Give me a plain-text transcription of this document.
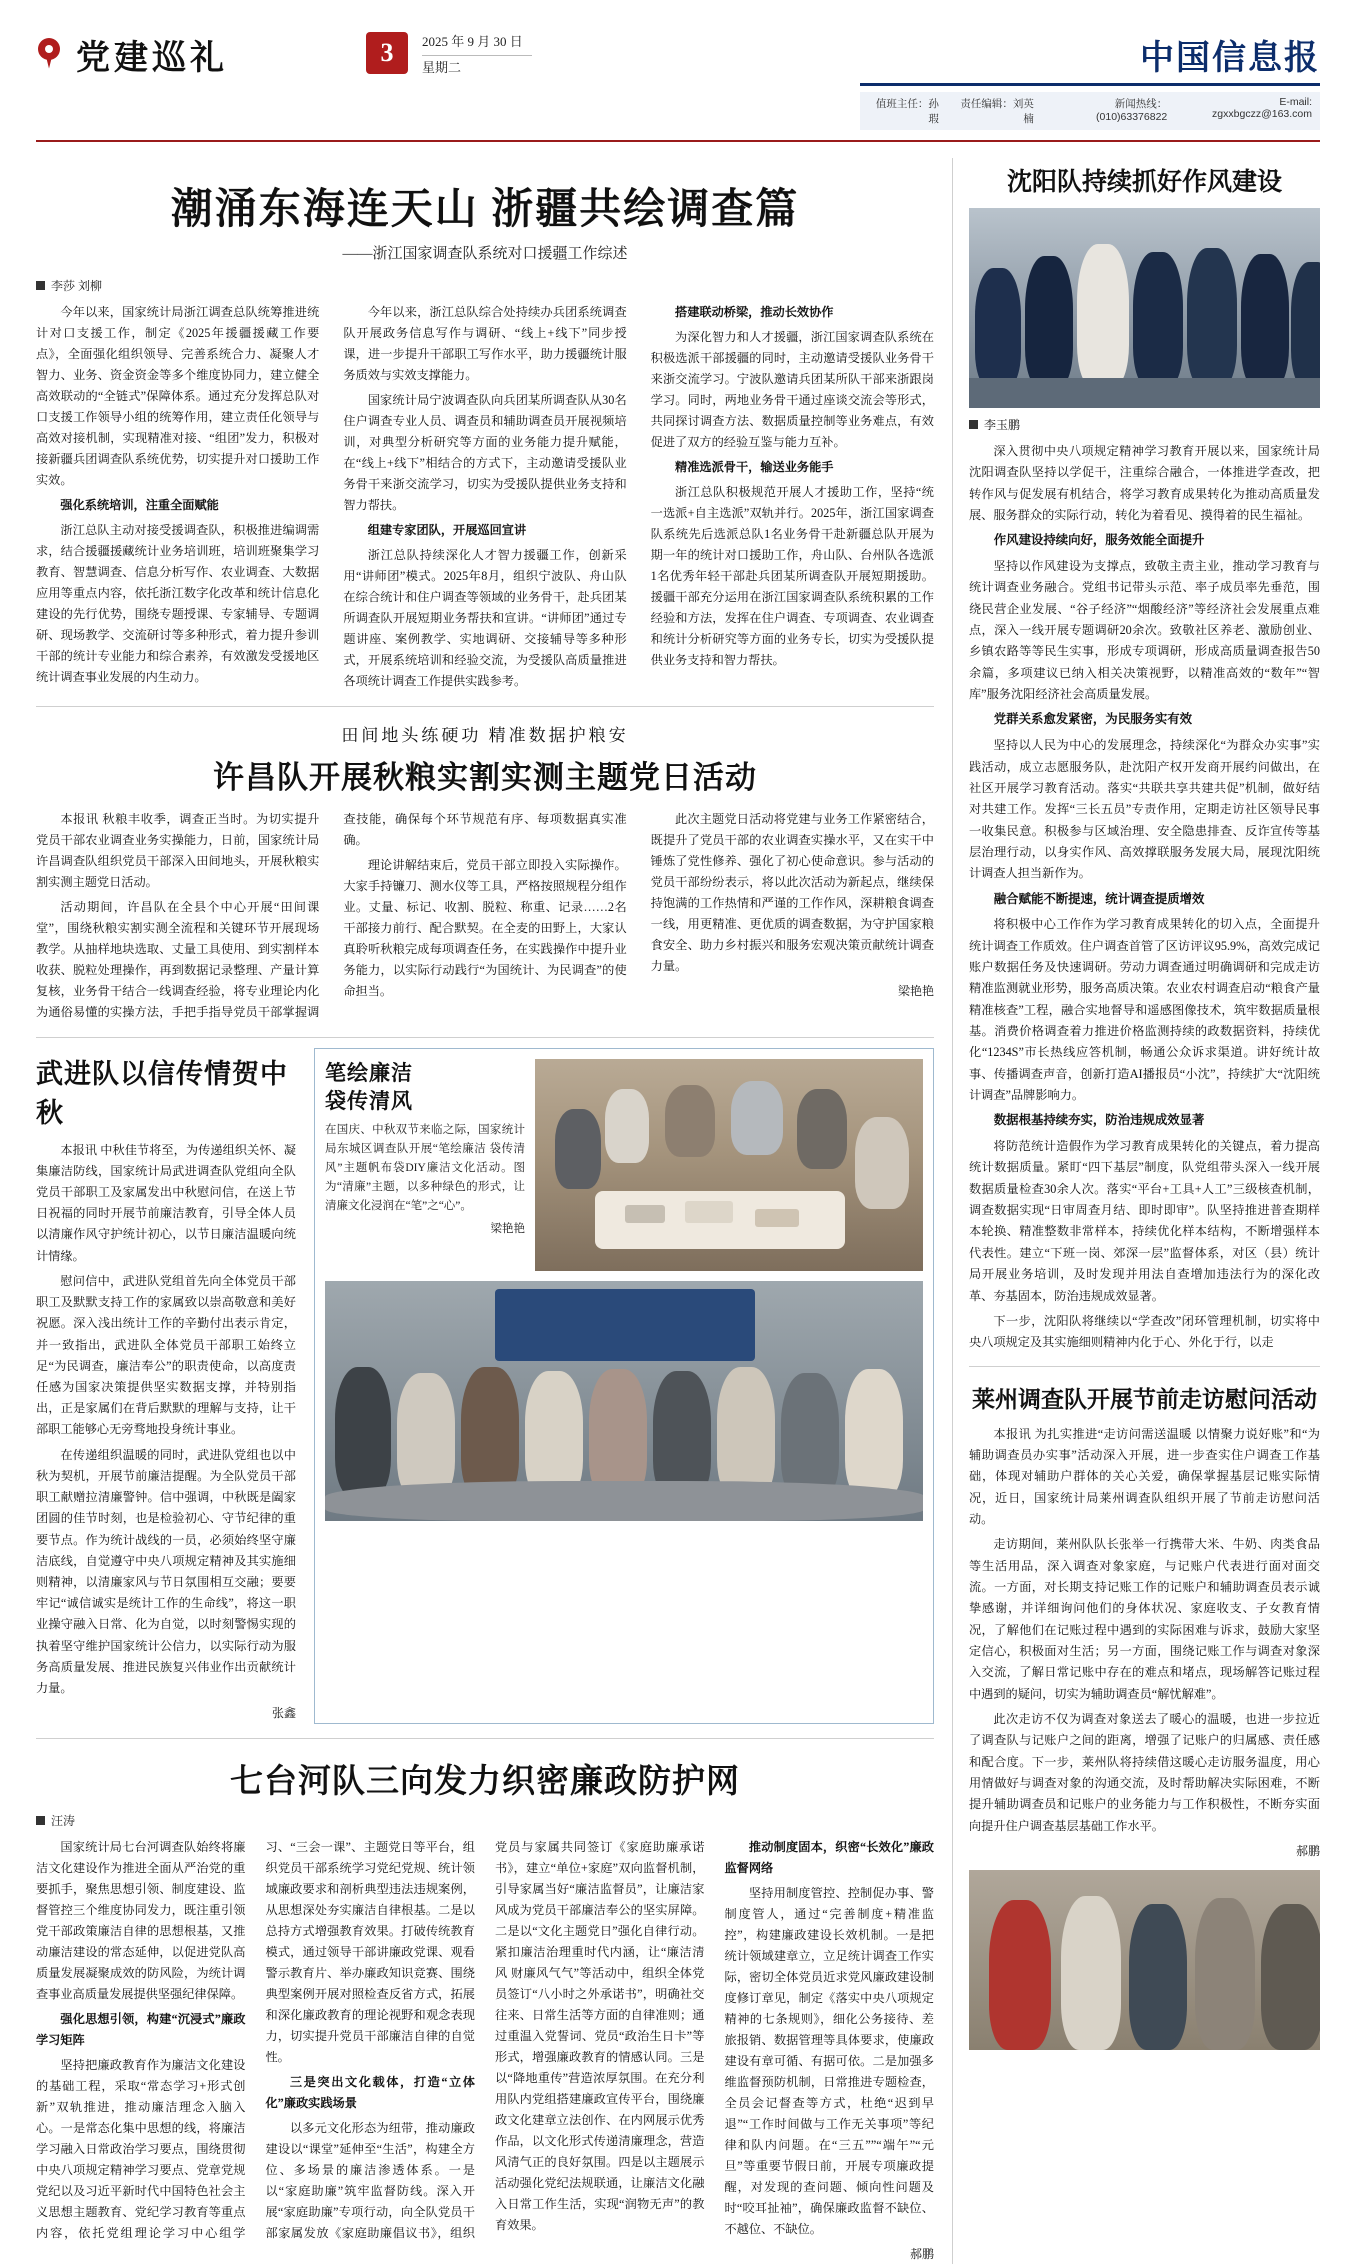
党建巡礼	3	2025 年 9 月 30 日
星期二	中国信息报
值班主任：孙瑕
责任编辑：刘英楠
新闻热线：(010)63376822
E-mail: zgxxbgczz@163.com
潮涌东海连天山 浙疆共绘调查篇
——浙江国家调查队系统对口援疆工作综述
李莎 刘柳

今年以来，国家统计局浙江调查总队统筹推进统计对口支援工作，制定《2025年援疆援藏工作要点》，全面强化组织领导、完善系统合力、凝聚人才智力、业务、资金资金等多个维度协同力，建立健全高效联动的“全链式”保障体系。通过充分发挥总队对口支援工作领导小组的统筹作用，建立责任化领导与高效对接机制，实现精准对接、“组团”发力，积极对接新疆兵团调查队系统优势，切实提升对口援助工作实效。

强化系统培训，注重全面赋能

浙江总队主动对接受援调查队，积极推进编调需求，结合援疆援藏统计业务培训班，培训班聚集学习教育、智慧调查、信息分析写作、农业调查、大数据应用等重点内容，依托浙江数字化改革和统计信息化建设的先行优势，围绕专题授课、专家辅导、专题调研、现场教学、交流研讨等多种形式，着力提升参训干部的统计专业能力和综合素养，有效激发受援地区统计调查事业发展的内生动力。

今年以来，浙江总队综合处持续办兵团系统调查队开展政务信息写作与调研、“线上+线下”同步授课，进一步提升干部职工写作水平，助力援疆统计服务质效与实效支撑能力。

国家统计局宁波调查队向兵团某所调查队从30名住户调查专业人员、调查员和辅助调查员开展视频培训，对典型分析研究等方面的业务能力提升赋能，在“线上+线下”相结合的方式下，主动邀请受援队业务骨干来浙交流学习，切实为受援队提供业务支持和智力帮扶。

组建专家团队，开展巡回宣讲

浙江总队持续深化人才智力援疆工作，创新采用“讲师团”模式。2025年8月，组织宁波队、舟山队在综合统计和住户调查等领域的业务骨干，赴兵团某所调查队开展短期业务帮扶和宣讲。“讲师团”通过专题讲座、案例教学、实地调研、交接辅导等多种形式，开展系统培训和经验交流，为受援队高质量推进各项统计调查工作提供实践参考。

搭建联动桥梁，推动长效协作

为深化智力和人才援疆，浙江国家调查队系统在积极选派干部援疆的同时，主动邀请受援队业务骨干来浙交流学习。宁波队邀请兵团某所队干部来浙跟岗学习。同时，两地业务骨干通过座谈交流会等形式，共同探讨调查方法、数据质量控制等业务难点，有效促进了双方的经验互鉴与能力互补。

精准选派骨干，输送业务能手

浙江总队积极规范开展人才援助工作，坚持“统一选派+自主选派”双轨并行。2025年，浙江国家调查队系统先后选派总队1名业务骨干赴新疆总队开展为期一年的统计对口援助工作，舟山队、台州队各选派1名优秀年轻干部赴兵团某所调查队开展短期援助。援疆干部充分运用在浙江国家调查队系统积累的工作经验和方法，发挥在住户调查、专项调查、农业调查和统计分析研究等方面的业务专长，切实为受援队提供业务支持和智力帮扶。

田间地头练硬功 精准数据护粮安
许昌队开展秋粮实割实测主题党日活动

本报讯 秋粮丰收季，调查正当时。为切实提升党员干部农业调查业务实操能力，日前，国家统计局许昌调查队组织党员干部深入田间地头，开展秋粮实割实测主题党日活动。

活动期间，许昌队在全县个中心开展“田间课堂”，围绕秋粮实割实测全流程和关键环节开展现场教学。从抽样地块选取、丈量工具使用、到实割样本收获、脱粒处理操作，再到数据记录整理、产量计算复核，业务骨干结合一线调查经验，将专业理论内化为通俗易懂的实操方法，手把手指导党员干部掌握调查技能，确保每个环节规范有序、每项数据真实准确。

理论讲解结束后，党员干部立即投入实际操作。大家手持镰刀、测水仪等工具，严格按照规程分组作业。丈量、标记、收割、脱粒、称重、记录……2名干部接力前行、配合默契。在全麦的田野上，大家认真聆听秋粮完成每项调查任务，在实践操作中提升业务能力，以实际行动践行“为国统计、为民调查”的使命担当。

此次主题党日活动将党建与业务工作紧密结合，既提升了党员干部的农业调查实操水平，又在实干中锤炼了党性修养、强化了初心使命意识。参与活动的党员干部纷纷表示，将以此次活动为新起点，继续保持饱满的工作热情和严谨的工作作风，深耕粮食调查一线，用更精准、更优质的调查数据，为守护国家粮食安全、助力乡村振兴和服务宏观决策贡献统计调查力量。

梁艳艳
武进队以信传情贺中秋

本报讯 中秋佳节将至，为传递组织关怀、凝集廉洁防线，国家统计局武进调查队党组向全队党员干部职工及家属发出中秋慰问信，在送上节日祝福的同时开展节前廉洁教育，引导全体人员以清廉作风守护统计初心，以节日廉洁温暖向统计情缘。

慰问信中，武进队党组首先向全体党员干部职工及默默支持工作的家属致以崇高敬意和美好祝愿。深入浅出统计工作的辛勤付出表示肯定，并一致指出，武进队全体党员干部职工始终立足“为民调查，廉洁奉公”的职责使命，以高度责任感为国家决策提供坚实数据支撑，并特别指出，正是家属们在背后默默的理解与支持，让干部职工能够心无旁骛地投身统计事业。

在传递组织温暖的同时，武进队党组也以中秋为契机，开展节前廉洁提醒。为全队党员干部职工献赠拉清廉警钟。信中强调，中秋既是阖家团圆的佳节时刻，也是检验初心、守节纪律的重要节点。作为统计战线的一员，必须始终坚守廉洁底线，自觉遵守中央八项规定精神及其实施细则精神，以清廉家风与节日氛围相互交融；要要牢记“诚信诚实是统计工作的生命线”，将这一职业操守融入日常、化为自觉，以时刻警惕实现的执着坚守维护国家统计公信力，以实际行动为服务高质量发展、推进民族复兴伟业作出贡献统计力量。

张鑫
笔绘廉洁
袋传清风
在国庆、中秋双节来临之际，国家统计局东城区调查队开展“笔绘廉洁 袋传清风”主题帆布袋DIY廉洁文化活动。图为“清廉”主题，以多种绿色的形式，让清廉文化浸润在“笔”之“心”。
梁艳艳
七台河队三向发力织密廉政防护网
汪涛

国家统计局七台河调查队始终将廉洁文化建设作为推进全面从严治党的重要抓手，聚焦思想引领、制度建设、监督管控三个维度协同发力，既注重引领党干部政策廉洁自律的思想根基，又推动廉洁建设的常态延伸，以促进党队高质量发展凝聚成效的防风险，为统计调查事业高质量发展提供坚强纪律保障。

强化思想引领，构建“沉浸式”廉政学习矩阵

坚持把廉政教育作为廉洁文化建设的基础工程，采取“常态学习+形式创新”双轨推进，推动廉洁理念入脑入心。一是常态化集中思想的线，将廉洁学习融入日常政治学习要点，围绕贯彻中央八项规定精神学习要点、党章党规党纪以及习近平新时代中国特色社会主义思想主题教育、党纪学习教育等重点内容，依托党组理论学习中心组学习、“三会一课”、主题党日等平台，组织党员干部系统学习党纪党规、统计领域廉政要求和剖析典型违法违规案例，从思想深处夯实廉洁自律根基。二是以总持方式增强教育效果。打破传统教育模式，通过领导干部讲廉政党课、观看警示教育片、举办廉政知识竞赛、围绕典型案例开展对照检查反省方式，拓展和深化廉政教育的理论视野和观念表现力，切实提升党员干部廉洁自律的自觉性。

三是突出文化载体，打造“立体化”廉政实践场景

以多元文化形态为纽带，推动廉政建设以“课堂”延伸至“生活”，构建全方位、多场景的廉洁渗透体系。一是以“家庭助廉”筑牢监督防线。深入开展“家庭助廉”专项行动，向全队党员干部家属发放《家庭助廉倡议书》，组织党员与家属共同签订《家庭助廉承诺书》，建立“单位+家庭”双向监督机制，引导家属当好“廉洁监督员”，让廉洁家风成为党员干部廉洁奉公的坚实屏障。二是以“文化主题党日”强化自律行动。紧扣廉洁治理重时代内涵，让“廉洁清风 财廉风气气”等活动中，组织全体党员签订“八小时之外承诺书”，明确社交往来、日常生活等方面的自律准则；通过重温入党誓词、党员“政治生日卡”等形式，增强廉政教育的情感认同。三是以“降地重传”营造浓厚氛围。在充分利用队内党组搭建廉政宣传平台，围绕廉政文化建章立法创作、在内网展示优秀作品，以文化形式传递清廉理念，营造风清气正的良好氛围。四是以主题展示活动强化党纪法规联通，让廉洁文化融入日常工作生活，实现“润物无声”的教育效果。

推动制度固本，织密“长效化”廉政监督网络

坚持用制度管控、控制促办事、警制度管人，通过“完善制度+精准监控”，构建廉政建设长效机制。一是把统计领域建章立，立足统计调查工作实际，密切全体党员近求党风廉政建设制度修订章见，制定《落实中央八项规定精神的七条规则》，细化公务接待、差旅报销、数据管理等具体要求，使廉政建设有章可循、有据可依。二是加强多维监督预防机制，日常推进专题检查，全员会记督查等方式，杜绝“迟到早退”“工作时间做与工作无关事项”等纪律和队内问题。在“三五””“端午”“元旦”等重要节假日前，开展专项廉政提醒，对发现的查问题、倾向性问题及时“咬耳扯袖”，确保廉政监督不缺位、不越位、不缺位。

郝鹏
沈阳队持续抓好作风建设
李玉鹏

深入贯彻中央八项规定精神学习教育开展以来，国家统计局沈阳调查队坚持以学促干，注重综合融合，一体推进学查改，把转作风与促发展有机结合，将学习教育成果转化为推动高质量发展、服务群众的实际行动，转化为着看见、摸得着的民生福祉。

作风建设持续向好，服务效能全面提升

坚持以作风建设为支撑点，致敬主责主业，推动学习教育与统计调查业务融合。党组书记带头示范、率子成员率先垂范，围绕民营企业发展、“谷子经济”“烟酸经济”等经济社会发展重点难点，深入一线开展专题调研20余次。致敬社区养老、激励创业、乡镇农路等等民生实事，形成专项调研，形成高质量调查报告50余篇，多项建议已纳入相关决策视野，以精准高效的“数年”“智库”服务沈阳经济社会高质量发展。

党群关系愈发紧密，为民服务实有效

坚持以人民为中心的发展理念，持续深化“为群众办实事”实践活动，成立志愿服务队，赴沈阳产权开发商开展约问做出，在社区开展学习教育活动。落实“共联共享共建共促”机制，做好结对共建工作。发挥“三长五员”专责作用，定期走访社区领导民事一收集民意。积极参与区域治理、安全隐患排查、反诈宣传等基层治理行动，以身实作风、高效撑联服务发展大局，展现沈阳统计调查人担当新作为。

融合赋能不断提速，统计调查提质增效

将积极中心工作作为学习教育成果转化的切入点，全面提升统计调查工作质效。住户调查首管了区访评议95.9%，高效完成记账户数据任务及快速调研。劳动力调查通过明确调研和完成走访精准监测就业形势，服务高质决策。农业农村调查启动“粮食产量精准核查”工程，融合实地督导和遥感图像技术，筑牢数据质量根基。消费价格调查着力推进价格监测持续的政数据资料，持续优化“1234S”市长热线应答机制，畅通公众诉求渠道。讲好统计故事、传播调查声音，创新打造AI播报员“小沈”，持续扩大“沈阳统计调查”品牌影响力。

数据根基持续夯实，防治违规成效显著

将防范统计造假作为学习教育成果转化的关键点，着力提高统计数据质量。紧盯“四下基层”制度，队党组带头深入一线开展数据质量检查30余人次。落实“平台+工具+人工”三级核查机制，调查数据实现“日审周查月结、即时即审”。队坚持推进普查期样本轮换、精准整数非常样本，持续优化样本结构，不断增强样本代表性。建立“下班一岗、郊深一层”监督体系，对区（县）统计局开展业务培训，及时发现并用法自查增加违法行为的深化改革、夯基固本，防治违规成效显著。

下一步，沈阳队将继续以“学查改”闭环管理机制，切实将中央八项规定及其实施细则精神内化于心、外化于行，以走

莱州调查队开展节前走访慰问活动

本报讯 为扎实推进“走访问需送温暖 以情聚力说好账”和“为辅助调查员办实事”活动深入开展，进一步查实住户调查工作基础，体现对辅助户群体的关心关爱，确保掌握基层记账实际情况，近日，国家统计局莱州调查队组织开展了节前走访慰问活动。

走访期间，莱州队队长张举一行携带大米、牛奶、肉类食品等生活用品，深入调查对象家庭，与记账户代表进行面对面交流。一方面，对长期支持记账工作的记账户和辅助调查员表示诚挚感谢，并详细询问他们的身体状况、家庭收支、子女教育情况，了解他们在记账过程中遇到的实际困难与诉求，鼓励大家坚定信心，积极面对生活；另一方面，围绕记账工作与调查对象深入交流，了解日常记账中存在的难点和堵点，现场解答记账过程中遇到的疑问，切实为辅助调查员“解忧解难”。

此次走访不仅为调查对象送去了暖心的温暖，也进一步拉近了调查队与记账户之间的距离，增强了记账户的归属感、责任感和配合度。下一步，莱州队将持续借这暖心走访服务温度，用心用情做好与调查对象的沟通交流，及时帮助解决实际困难，不断提升辅助调查员和记账户的业务能力与工作积极性，不断夯实面向提升住户调查基层基础工作水平。

郝鹏
